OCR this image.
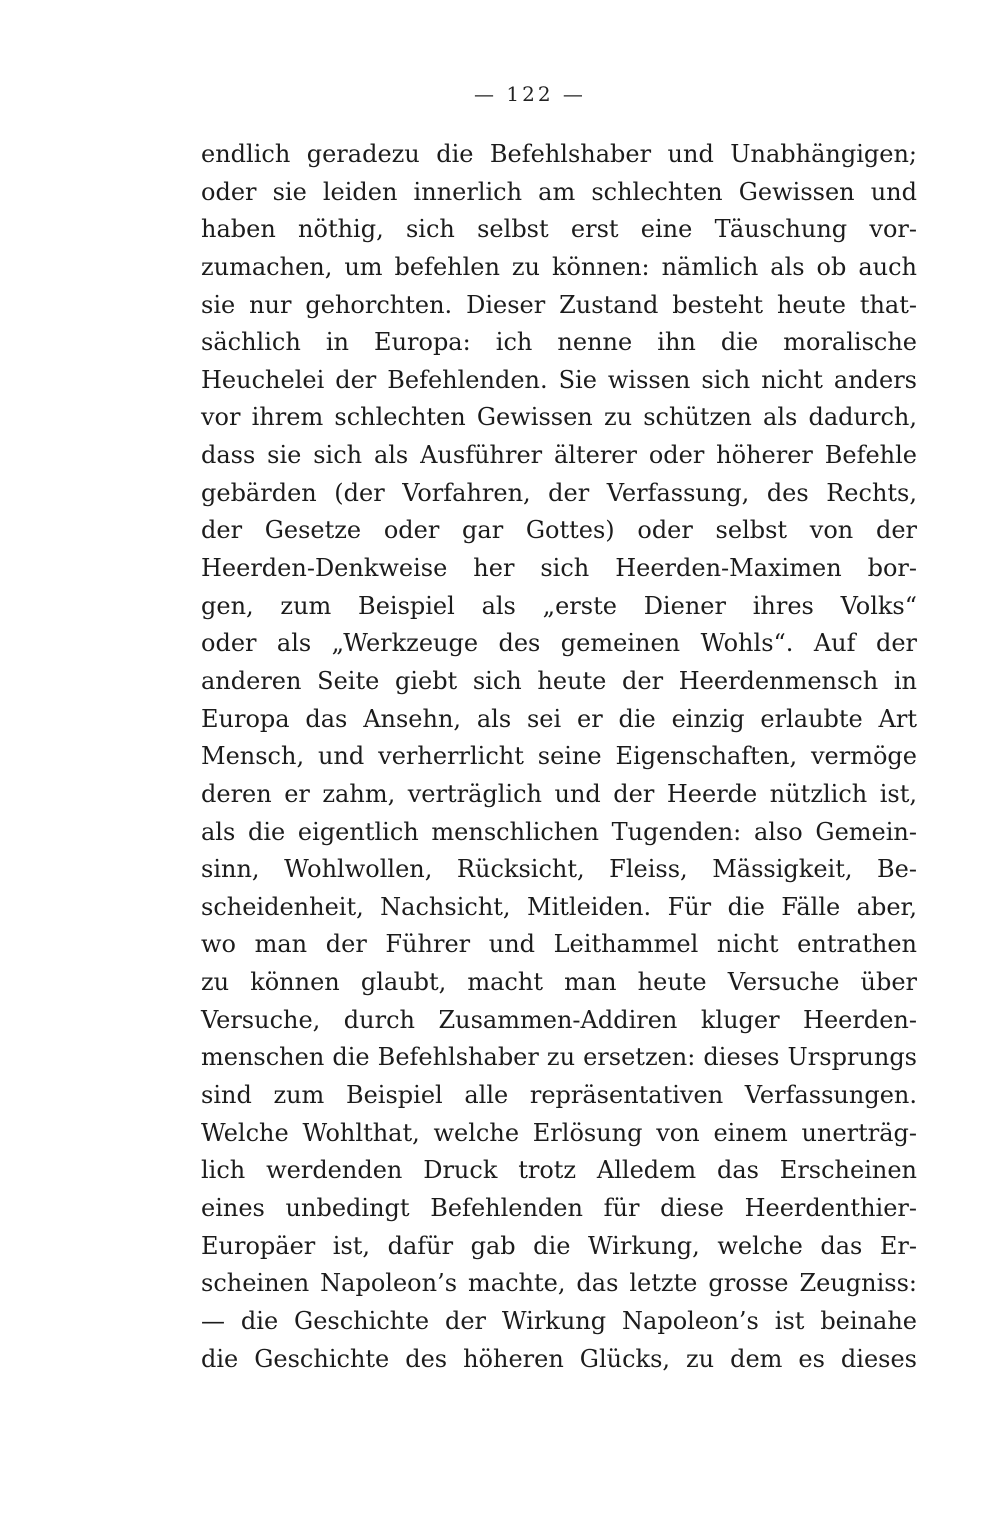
— 122 —
endlich geradezu die Befehlshaber und Unabhängigen;
oder sie leiden innerlich am schlechten Gewissen und
haben nöthig, sich selbst erst eine Täuschung vor-
zumachen, um befehlen zu können: nämlich als ob auch
sie nur gehorchten. Dieser Zustand besteht heute that-
sächlich in Europa: ich nenne ihn die moralische
Heuchelei der Befehlenden. Sie wissen sich nicht anders
vor ihrem schlechten Gewissen zu schützen als dadurch,
dass sie sich als Ausführer älterer oder höherer Befehle
gebärden (der Vorfahren, der Verfassung, des Rechts,
der Gesetze oder gar Gottes) oder selbst von der
Heerden-Denkweise her sich Heerden-Maximen bor-
gen, zum Beispiel als „erste Diener ihres Volks“
oder als „Werkzeuge des gemeinen Wohls“. Auf der
anderen Seite giebt sich heute der Heerdenmensch in
Europa das Ansehn, als sei er die einzig erlaubte Art
Mensch, und verherrlicht seine Eigenschaften, vermöge
deren er zahm, verträglich und der Heerde nützlich ist,
als die eigentlich menschlichen Tugenden: also Gemein-
sinn, Wohlwollen, Rücksicht, Fleiss, Mässigkeit, Be-
scheidenheit, Nachsicht, Mitleiden. Für die Fälle aber,
wo man der Führer und Leithammel nicht entrathen
zu können glaubt, macht man heute Versuche über
Versuche, durch Zusammen-Addiren kluger Heerden-
menschen die Befehlshaber zu ersetzen: dieses Ursprungs
sind zum Beispiel alle repräsentativen Verfassungen.
Welche Wohlthat, welche Erlösung von einem unerträg-
lich werdenden Druck trotz Alledem das Erscheinen
eines unbedingt Befehlenden für diese Heerdenthier-
Europäer ist, dafür gab die Wirkung, welche das Er-
scheinen Napoleon’s machte, das letzte grosse Zeugniss:
— die Geschichte der Wirkung Napoleon’s ist beinahe
die Geschichte des höheren Glücks, zu dem es dieses
